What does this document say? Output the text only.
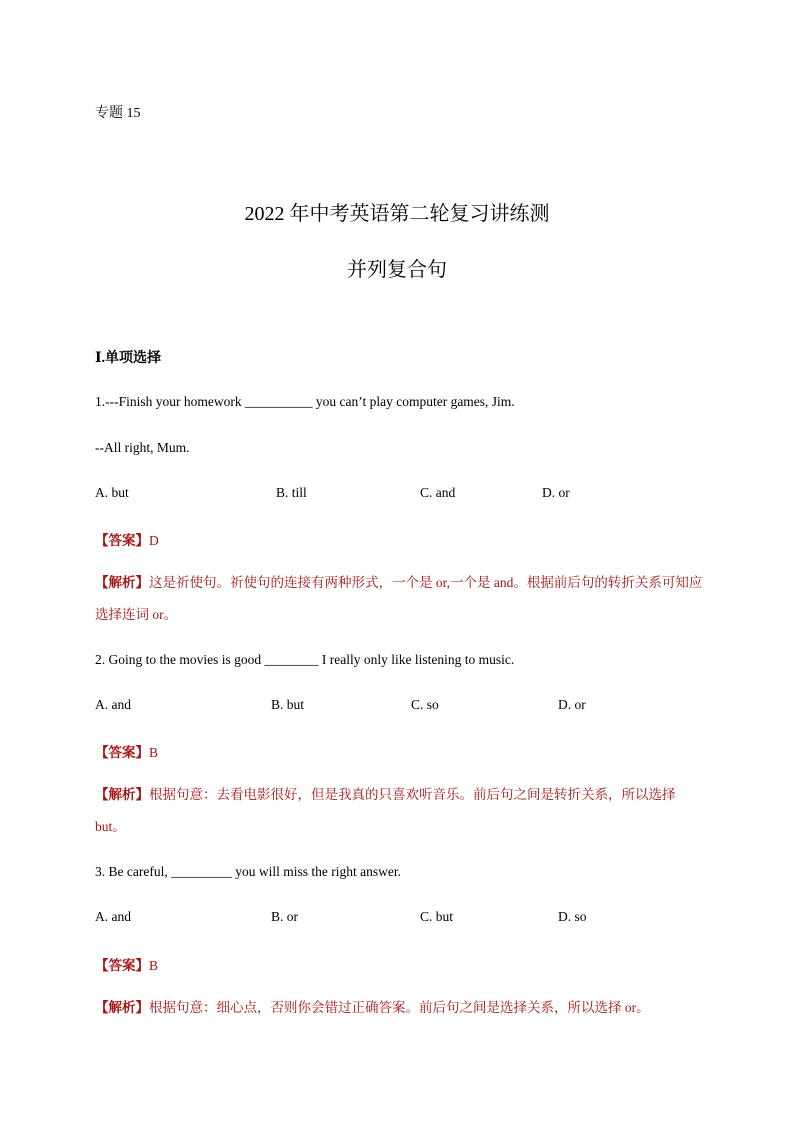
专题 15
2022 年中考英语第二轮复习讲练测
并列复合句
Ⅰ.单项选择
1.---Finish your homework __________ you can’t play computer games, Jim.
--All right, Mum.
A. but	B. till	C. and	D. or
【答案】D
【解析】这是祈使句。祈使句的连接有两种形式，一个是 or,一个是 and。根据前后句的转折关系可知应选择连词 or。
2. Going to the movies is good ________ I really only like listening to music.
A. and	B. but	C. so	D. or
【答案】B
【解析】根据句意：去看电影很好，但是我真的只喜欢听音乐。前后句之间是转折关系，所以选择 but。
3. Be careful, _________ you will miss the right answer.
A. and	B. or	C. but	D. so
【答案】B
【解析】根据句意：细心点，否则你会错过正确答案。前后句之间是选择关系，所以选择 or。
